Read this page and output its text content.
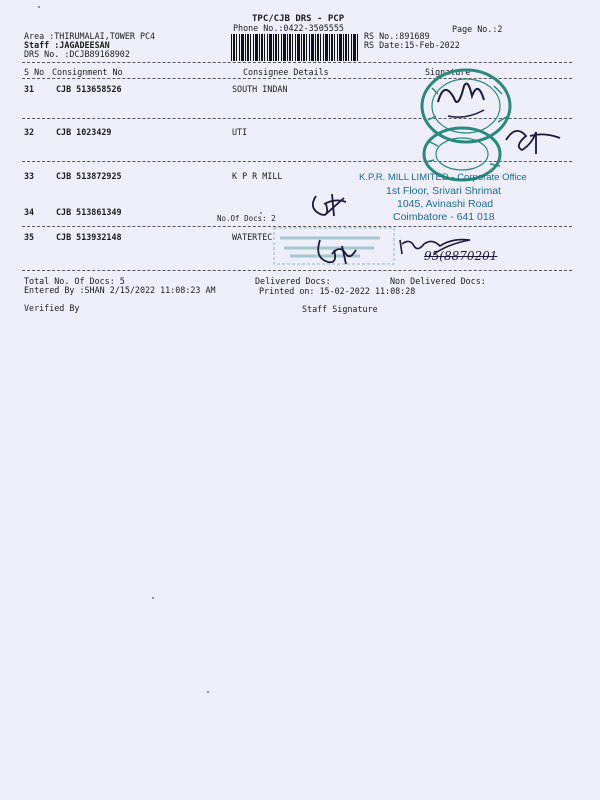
TPC/CJB DRS - PCP
Phone No.:0422-3505555	Page No.:2
Area :THIRUMALAI,TOWER PC4
Staff :JAGADEESAN
DRS No. :DCJB89168902
RS No.:891689
RS Date:15-Feb-2022
S No Consignment No	Consignee Details	Signature
31	CJB 513658526	SOUTH INDAN
32	CJB 1023429	UTI
33	CJB 513872925	K P R MILL
34	CJB 513861349
No.Of Docs: 2
35	CJB 513932148	WATERTEC
K.P.R. MILL LIMITED - Corporate Office
1st Floor, Srivari Shrimat
1045, Avinashi Road
Coimbatore - 641 018
95(8870201
Total No. Of Docs: 5	Delivered Docs:	Non Delivered Docs:
Entered By :SHAN 2/15/2022 11:08:23 AM	Printed on: 15-02-2022 11:08:28
Verified By	Staff Signature
